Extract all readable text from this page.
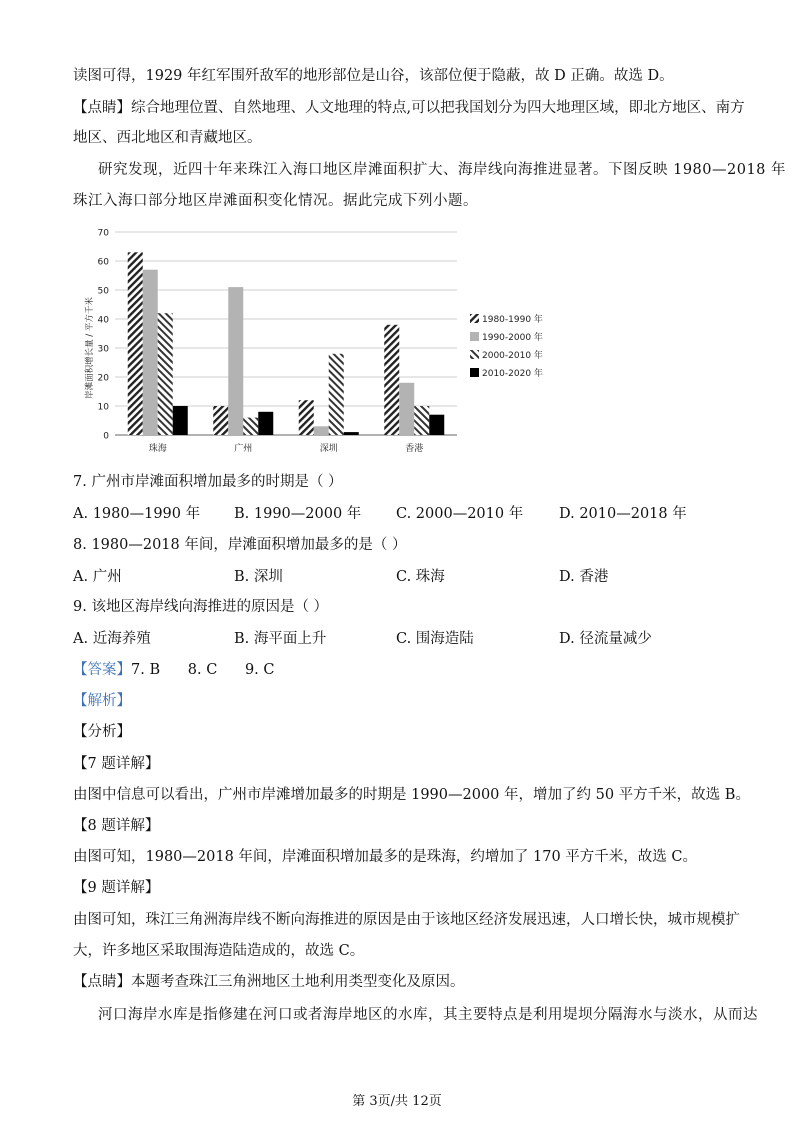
读图可得，1929 年红军围歼敌军的地形部位是山谷，该部位便于隐蔽，故 D 正确。故选 D。
【点睛】综合地理位置、自然地理、人文地理的特点,可以把我国划分为四大地理区域，即北方地区、南方
地区、西北地区和青藏地区。
研究发现，近四十年来珠江入海口地区岸滩面积扩大、海岸线向海推进显著。下图反映 1980—2018 年
珠江入海口部分地区岸滩面积变化情况。据此完成下列小题。
0
10
20
30
40
50
60
70
珠海	广州	深圳	香港
岸滩面积增长量 / 平方千米	1980-1990 年
1990-2000 年
2000-2010 年
2010-2020 年
7. 广州市岸滩面积增加最多的时期是（ ）
A. 1980—1990 年 B. 1990—2000 年 C. 2000—2010 年 D. 2010—2018 年
8. 1980—2018 年间，岸滩面积增加最多的是（ ）
A. 广州	B. 深圳	C. 珠海	D. 香港
9. 该地区海岸线向海推进的原因是（ ）
A. 近海养殖	B. 海平面上升	C. 围海造陆	D. 径流量减少
【答案】7. B      8. C      9. C
【解析】
【分析】
【7 题详解】
由图中信息可以看出，广州市岸滩增加最多的时期是 1990—2000 年，增加了约 50 平方千米，故选 B。
【8 题详解】
由图可知，1980—2018 年间，岸滩面积增加最多的是珠海，约增加了 170 平方千米，故选 C。
【9 题详解】
由图可知，珠江三角洲海岸线不断向海推进的原因是由于该地区经济发展迅速，人口增长快，城市规模扩
大，许多地区采取围海造陆造成的，故选 C。
【点睛】本题考查珠江三角洲地区土地利用类型变化及原因。
河口海岸水库是指修建在河口或者海岸地区的水库，其主要特点是利用堤坝分隔海水与淡水，从而达
第 3页/共 12页
